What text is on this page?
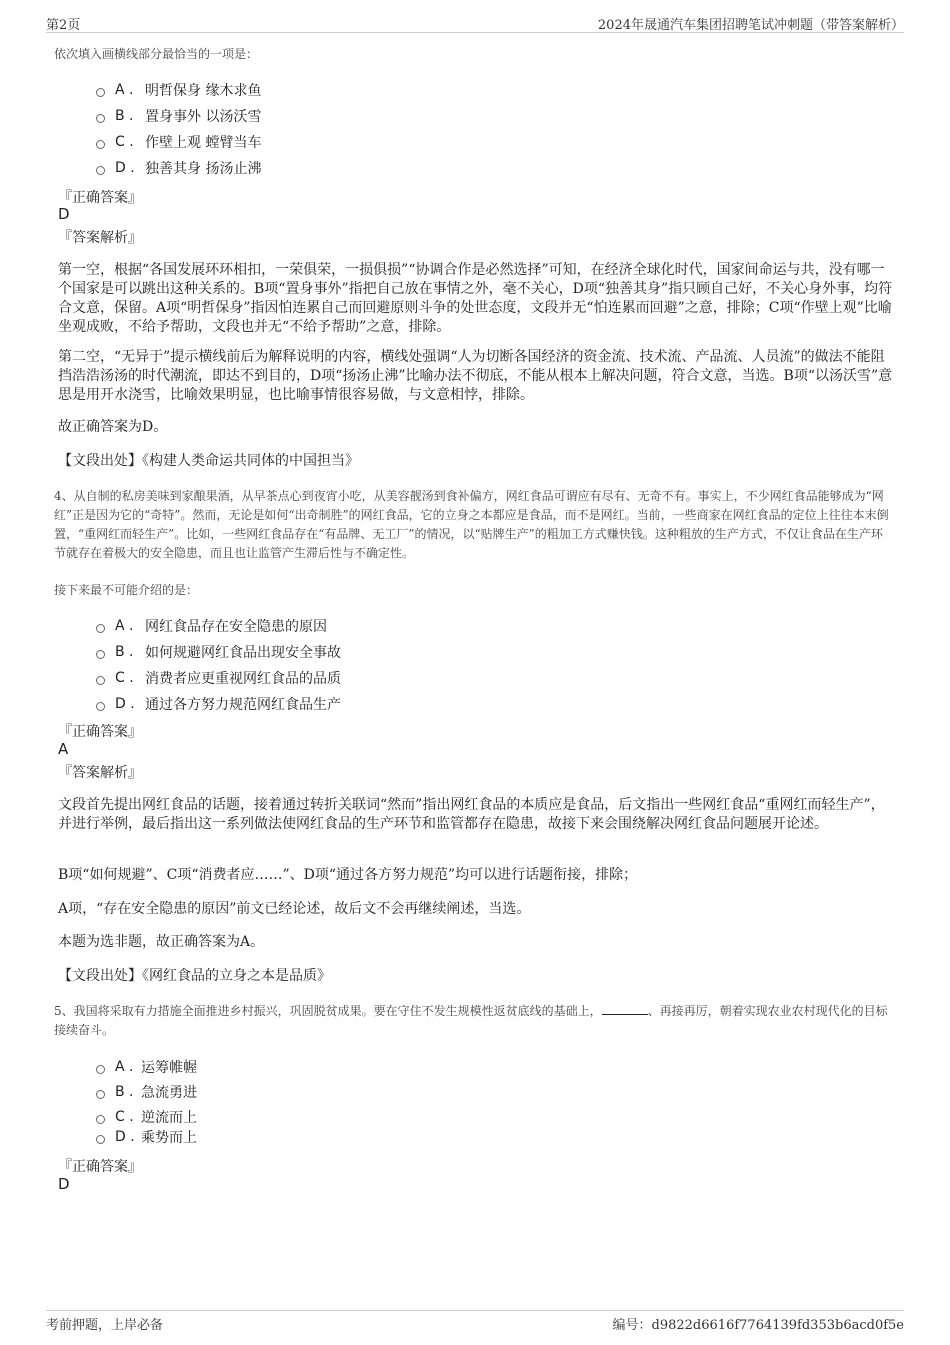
第2页	2024年晟通汽车集团招聘笔试冲刺题（带答案解析）
依次填入画横线部分最恰当的一项是：
A . 明哲保身 缘木求鱼
B . 置身事外 以汤沃雪
C . 作壁上观 螳臂当车
D . 独善其身 扬汤止沸
『正确答案』
D
『答案解析』
第一空，根据“各国发展环环相扣，一荣俱荣，一损俱损”“协调合作是必然选择”可知，在经济全球化时代，国家间命运与共，没有哪一个国家是可以跳出这种关系的。B项“置身事外”指把自己放在事情之外，毫不关心，D项“独善其身”指只顾自己好，不关心身外事，均符合文意，保留。A项“明哲保身”指因怕连累自己而回避原则斗争的处世态度，文段并无“怕连累而回避”之意，排除；C项“作壁上观”比喻坐观成败，不给予帮助，文段也并无“不给予帮助”之意，排除。
第二空，“无异于”提示横线前后为解释说明的内容，横线处强调“人为切断各国经济的资金流、技术流、产品流、人员流”的做法不能阻挡浩浩汤汤的时代潮流，即达不到目的，D项“扬汤止沸”比喻办法不彻底，不能从根本上解决问题，符合文意，当选。B项“以汤沃雪”意思是用开水浇雪，比喻效果明显，也比喻事情很容易做，与文意相悖，排除。
故正确答案为D。
【文段出处】《构建人类命运共同体的中国担当》
4、从自制的私房美味到家酿果酒，从早茶点心到夜宵小吃，从美容靓汤到食补偏方，网红食品可谓应有尽有、无奇不有。事实上，不少网红食品能够成为“网红”正是因为它的“奇特”。然而，无论是如何“出奇制胜”的网红食品，它的立身之本都应是食品，而不是网红。当前，一些商家在网红食品的定位上往往本末倒置，“重网红而轻生产”。比如，一些网红食品存在“有品牌、无工厂”的情况，以“贴牌生产”的粗加工方式赚快钱。这种粗放的生产方式，不仅让食品在生产环节就存在着极大的安全隐患，而且也让监管产生滞后性与不确定性。
接下来最不可能介绍的是：
A . 网红食品存在安全隐患的原因
B . 如何规避网红食品出现安全事故
C . 消费者应更重视网红食品的品质
D . 通过各方努力规范网红食品生产
『正确答案』
A
『答案解析』
文段首先提出网红食品的话题，接着通过转折关联词“然而”指出网红食品的本质应是食品，后文指出一些网红食品“重网红而轻生产”，并进行举例，最后指出这一系列做法使网红食品的生产环节和监管都存在隐患，故接下来会围绕解决网红食品问题展开论述。
B项“如何规避”、C项“消费者应……”、D项“通过各方努力规范”均可以进行话题衔接，排除；
A项，“存在安全隐患的原因”前文已经论述，故后文不会再继续阐述，当选。
本题为选非题，故正确答案为A。
【文段出处】《网红食品的立身之本是品质》
5、我国将采取有力措施全面推进乡村振兴，巩固脱贫成果。要在守住不发生规模性返贫底线的基础上，	、再接再厉，朝着实现农业农村现代化的目标接续奋斗。
A . 运筹帷幄
B . 急流勇进
C . 逆流而上
D . 乘势而上
『正确答案』
D
考前押题，上岸必备	编号：d9822d6616f7764139fd353b6acd0f5e
